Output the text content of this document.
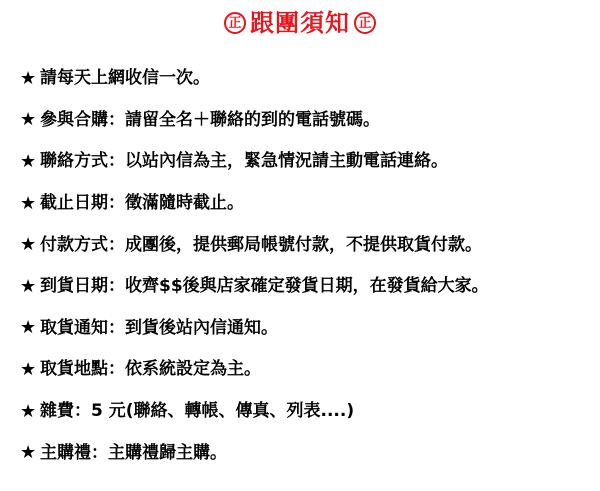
正 跟團須知 正
★ 請每天上網收信一次。
★ 參與合購： 請留全名＋聯絡的到的電話號碼。
★ 聯絡方式： 以站內信為主，緊急情況請主動電話連絡。
★ 截止日期： 徵滿隨時截止。
★ 付款方式： 成團後，提供郵局帳號付款，不提供取貨付款。
★ 到貨日期： 收齊$$後與店家確定發貨日期，在發貨給大家。
★ 取貨通知： 到貨後站內信通知。
★ 取貨地點： 依系統設定為主。
★ 雜費： 5 元(聯絡、轉帳、傳真、列表....)
★ 主購禮： 主購禮歸主購。
